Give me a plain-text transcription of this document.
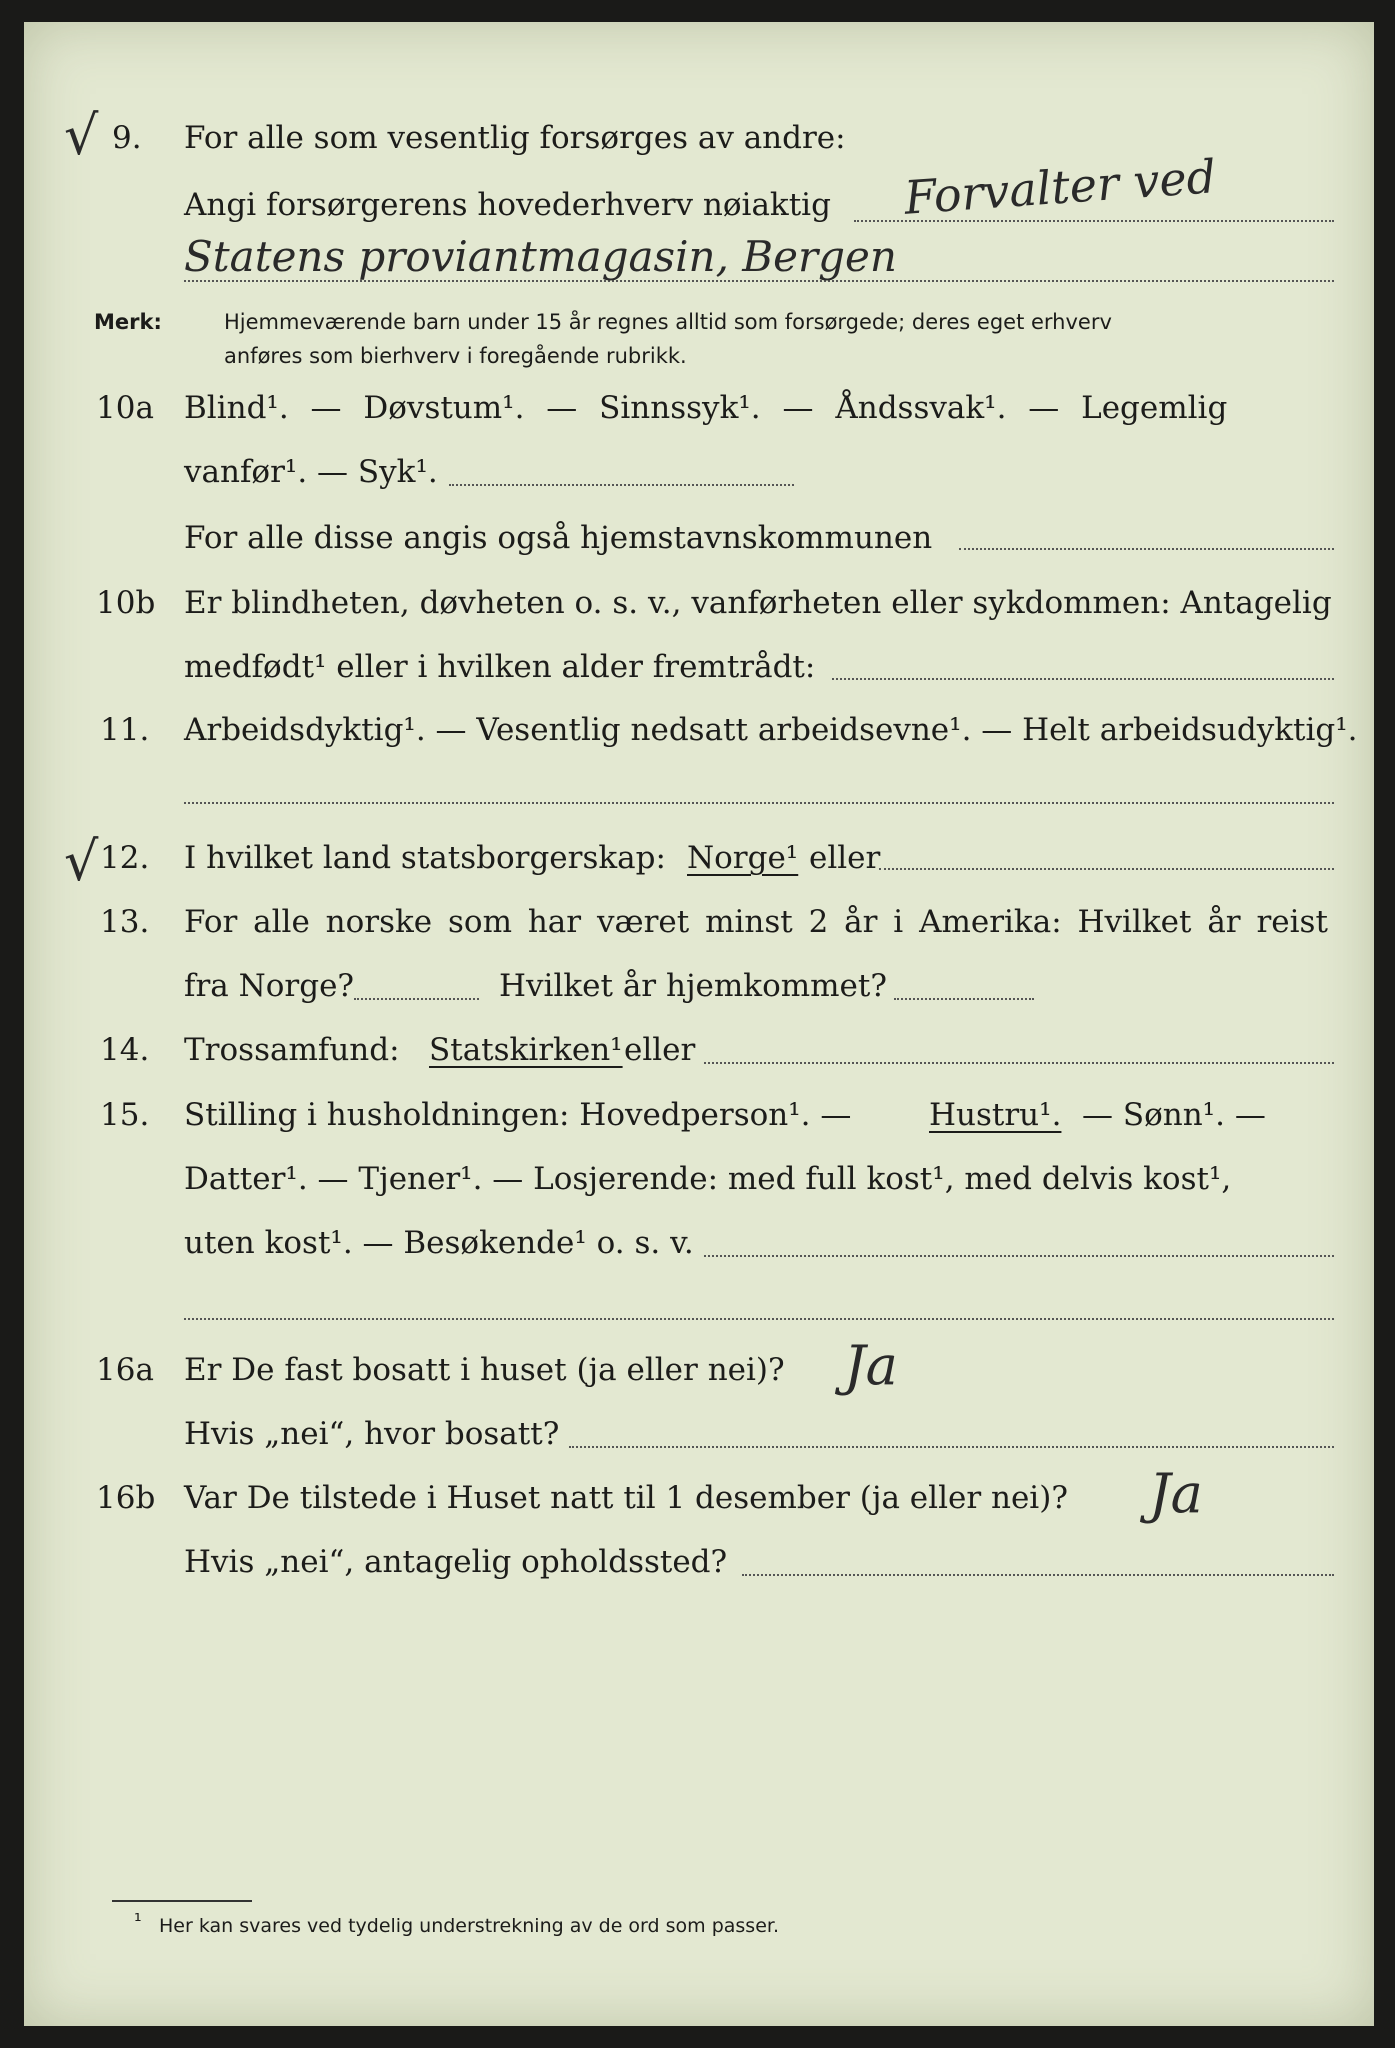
√ 9. For alle som vesentlig forsørges av andre:
Angi forsørgerens hovederhverv nøiaktig Forvalter ved
Statens proviantmagasin, Bergen
Merk:	Hjemmeværende barn under 15 år regnes alltid som forsørgede; deres eget erhverv
anføres som bierhverv i foregående rubrikk.
10a Blind¹. — Døvstum¹. — Sinnssyk¹. — Åndssvak¹. — Legemlig
vanfør¹. — Syk¹.
For alle disse angis også hjemstavnskommunen
10b Er blindheten, døvheten o. s. v., vanførheten eller sykdommen: Antagelig
medfødt¹ eller i hvilken alder fremtrådt:
11. Arbeidsdyktig¹. — Vesentlig nedsatt arbeidsevne¹. — Helt arbeidsudyktig¹.
√ 12. I hvilket land statsborgerskap: Norge¹ eller
13. For alle norske som har været minst 2 år i Amerika: Hvilket år reist
fra Norge?	Hvilket år hjemkommet?
14. Trossamfund: Statskirken¹ eller
15. Stilling i husholdningen: Hovedperson¹. —	Hustru¹. — Sønn¹. —
Datter¹. — Tjener¹. — Losjerende: med full kost¹, med delvis kost¹,
uten kost¹. — Besøkende¹ o. s. v.
16a Er De fast bosatt i huset (ja eller nei)? Ja
Hvis „nei“, hvor bosatt?
16b Var De tilstede i Huset natt til 1 desember (ja eller nei)? Ja
Hvis „nei“, antagelig opholdssted?
¹ Her kan svares ved tydelig understrekning av de ord som passer.
